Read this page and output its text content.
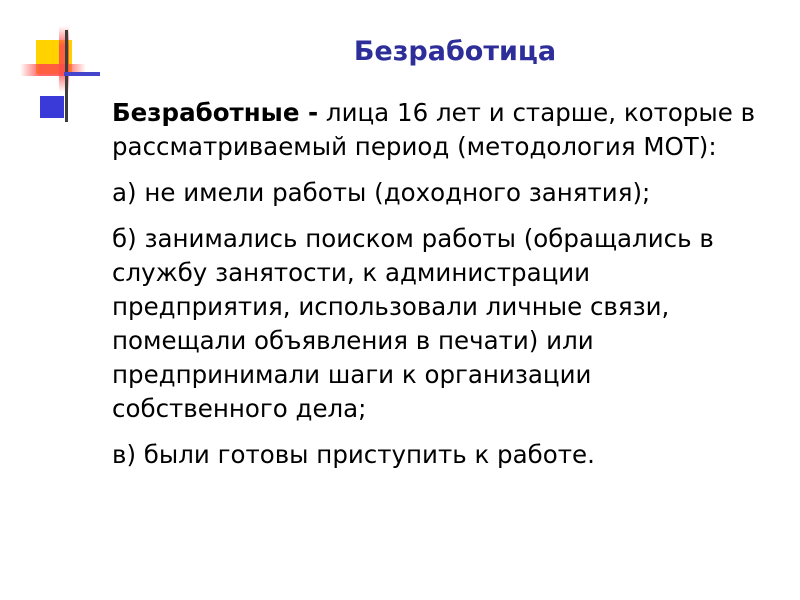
Безработица

Безработные - лица 16 лет и старше, которые в рассматриваемый период (методология МОТ):

а) не имели работы (доходного занятия);

б) занимались поиском работы (обращались в службу занятости, к администрации предприятия, использовали личные связи, помещали объявления в печати) или предпринимали шаги к организации собственного дела;

в) были готовы приступить к работе.
